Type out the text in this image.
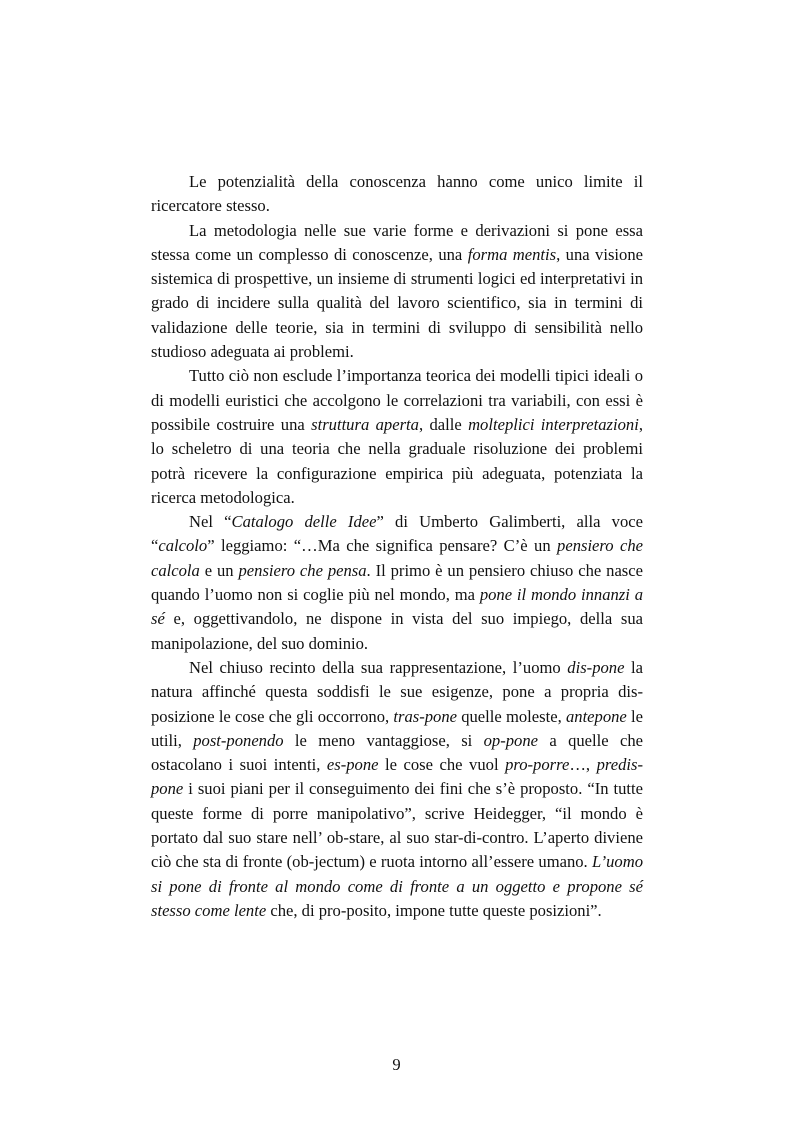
Le potenzialità della conoscenza hanno come unico limite il ricercatore stesso.

La metodologia nelle sue varie forme e derivazioni si pone essa stessa come un complesso di conoscenze, una forma mentis, una visione sistemica di prospettive, un insieme di strumenti logici ed interpretativi in grado di incidere sulla qualità del lavoro scientifico, sia in termini di validazione delle teorie, sia in termini di sviluppo di sensibilità nello studioso adeguata ai problemi.

Tutto ciò non esclude l’importanza teorica dei modelli tipici ideali o di modelli euristici che accolgono le correlazioni tra variabili, con essi è possibile costruire una struttura aperta, dalle molteplici interpretazioni, lo scheletro di una teoria che nella graduale risoluzione dei problemi potrà ricevere la configurazione empirica più adeguata, potenziata la ricerca metodologica.

Nel “Catalogo delle Idee” di Umberto Galimberti, alla voce “calcolo” leggiamo: “…Ma che significa pensare? C’è un pensiero che calcola e un pensiero che pensa. Il primo è un pensiero chiuso che nasce quando l’uomo non si coglie più nel mondo, ma pone il mondo innanzi a sé e, oggettivandolo, ne dispone in vista del suo impiego, della sua manipolazione, del suo dominio.

Nel chiuso recinto della sua rappresentazione, l’uomo dis-pone la natura affinché questa soddisfi le sue esigenze, pone a propria disposizione le cose che gli occorrono, tras-pone quelle moleste, antepone le utili, post-ponendo le meno vantaggiose, si op-pone a quelle che ostacolano i suoi intenti, es-pone le cose che vuol pro-porre…, predis-pone i suoi piani per il conseguimento dei fini che s’è proposto. “In tutte queste forme di porre manipolativo”, scrive Heidegger, “il mondo è portato dal suo stare nell’ ob-stare, al suo star-di-contro. L’aperto diviene ciò che sta di fronte (ob-jectum) e ruota intorno all’essere umano. L’uomo si pone di fronte al mondo come di fronte a un oggetto e propone sé stesso come lente che, di pro-posito, impone tutte queste posizioni”.

9
